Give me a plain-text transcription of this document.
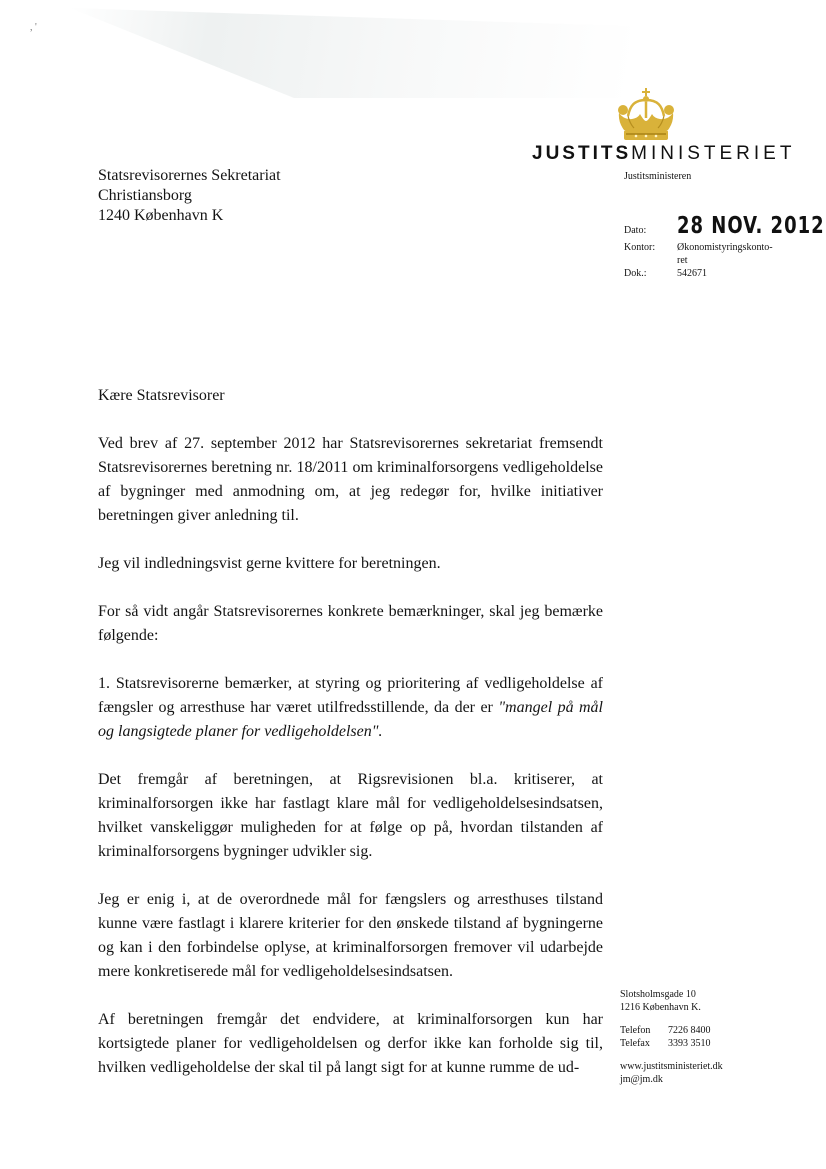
, '
JUSTITSMINISTERIET
Justitsministeren
Statsrevisorernes Sekretariat
Christiansborg
1240 København K
Dato:	28 NOV. 2012
Kontor:	Økonomistyringskonto-
ret

Dok.:	542671

Kære Statsrevisorer

Ved brev af 27. september 2012 har Statsrevisorernes sekretariat fremsendt Statsrevisorernes beretning nr. 18/2011 om kriminalforsorgens vedligeholdelse af bygninger med anmodning om, at jeg redegør for, hvilke initiativer beretningen giver anledning til.

Jeg vil indledningsvist gerne kvittere for beretningen.

For så vidt angår Statsrevisorernes konkrete bemærkninger, skal jeg bemærke følgende:

1. Statsrevisorerne bemærker, at styring og prioritering af vedligeholdelse af fængsler og arresthuse har været utilfredsstillende, da der er "mangel på mål og langsigtede planer for vedligeholdelsen".

Det fremgår af beretningen, at Rigsrevisionen bl.a. kritiserer, at kriminalforsorgen ikke har fastlagt klare mål for vedligeholdelsesindsatsen, hvilket vanskeliggør muligheden for at følge op på, hvordan tilstanden af kriminalforsorgens bygninger udvikler sig.

Jeg er enig i, at de overordnede mål for fængslers og arresthuses tilstand kunne være fastlagt i klarere kriterier for den ønskede tilstand af bygningerne og kan i den forbindelse oplyse, at kriminalforsorgen fremover vil udarbejde mere konkretiserede mål for vedligeholdelsesindsatsen.

Af beretningen fremgår det endvidere, at kriminalforsorgen kun har kortsigtede planer for vedligeholdelsen og derfor ikke kan forholde sig til, hvilken vedligeholdelse der skal til på langt sigt for at kunne rumme de ud-

Slotsholmsgade 10
1216 København K.
Telefon	7226 8400
Telefax	3393 3510
www.justitsministeriet.dk
jm@jm.dk
